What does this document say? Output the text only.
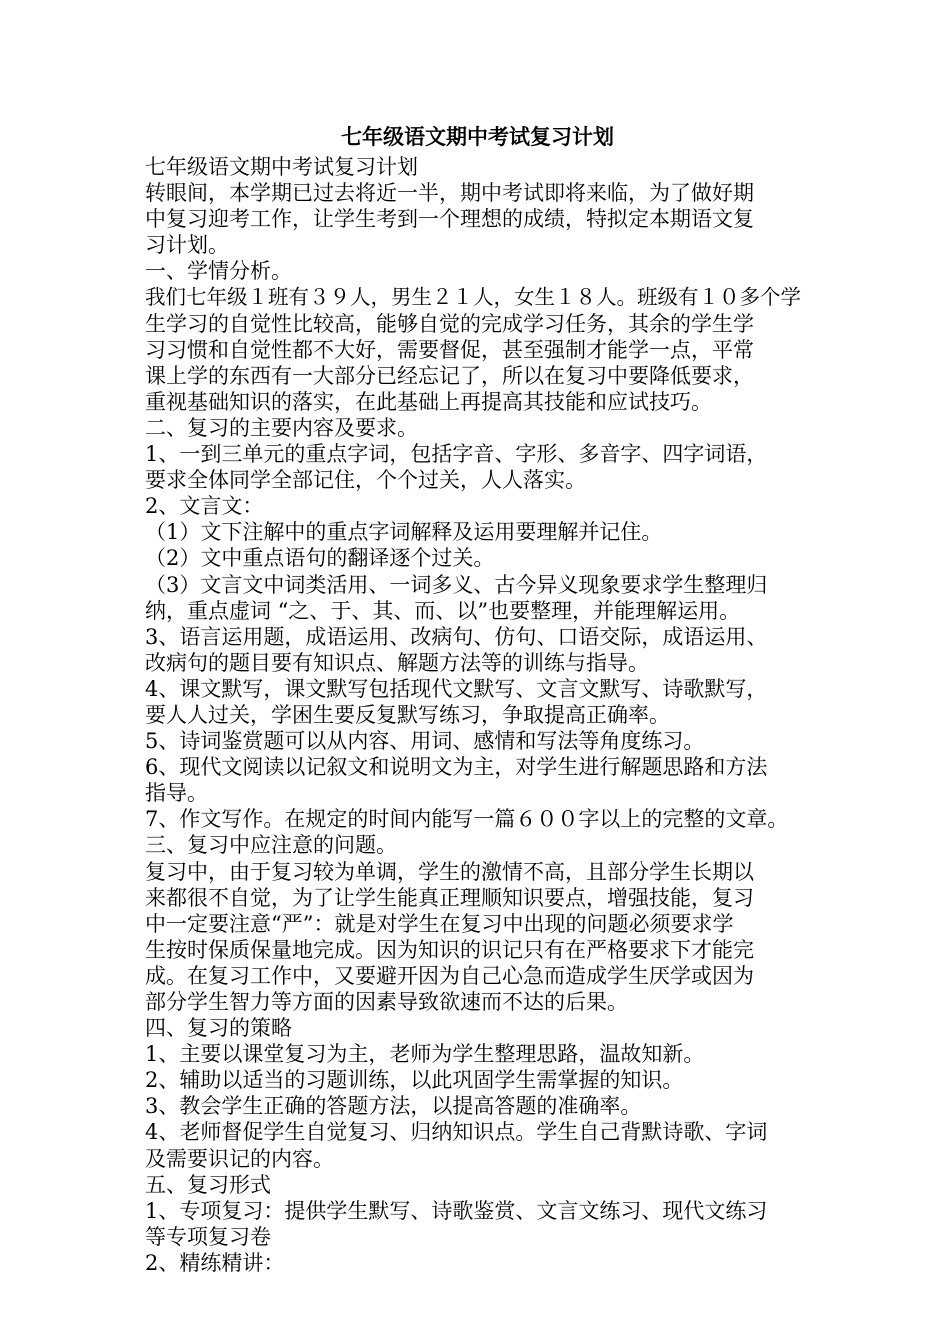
七年级语文期中考试复习计划

七年级语文期中考试复习计划

转眼间，本学期已过去将近一半，期中考试即将来临，为了做好期

中复习迎考工作，让学生考到一个理想的成绩，特拟定本期语文复

习计划。

一、学情分析。

我们七年级１班有３９人，男生２１人，女生１８人。班级有１０多个学

生学习的自觉性比较高，能够自觉的完成学习任务，其余的学生学

习习惯和自觉性都不大好，需要督促，甚至强制才能学一点，平常

课上学的东西有一大部分已经忘记了，所以在复习中要降低要求，

重视基础知识的落实，在此基础上再提高其技能和应试技巧。

二、复习的主要内容及要求。

1、一到三单元的重点字词，包括字音、字形、多音字、四字词语，

要求全体同学全部记住，个个过关，人人落实。

2、文言文：

（1）文下注解中的重点字词解释及运用要理解并记住。

（2）文中重点语句的翻译逐个过关。

（3）文言文中词类活用、一词多义、古今异义现象要求学生整理归

纳，重点虚词 “之、于、其、而、以”也要整理，并能理解运用。

3、语言运用题，成语运用、改病句、仿句、口语交际，成语运用、

改病句的题目要有知识点、解题方法等的训练与指导。

4、课文默写，课文默写包括现代文默写、文言文默写、诗歌默写，

要人人过关，学困生要反复默写练习，争取提高正确率。

5、诗词鉴赏题可以从内容、用词、感情和写法等角度练习。

6、现代文阅读以记叙文和说明文为主，对学生进行解题思路和方法

指导。

7、作文写作。在规定的时间内能写一篇６００字以上的完整的文章。

三、复习中应注意的问题。

复习中，由于复习较为单调，学生的激情不高，且部分学生长期以

来都很不自觉，为了让学生能真正理顺知识要点，增强技能，复习

中一定要注意“严”：就是对学生在复习中出现的问题必须要求学

生按时保质保量地完成。因为知识的识记只有在严格要求下才能完

成。在复习工作中，又要避开因为自己心急而造成学生厌学或因为

部分学生智力等方面的因素导致欲速而不达的后果。

四、复习的策略

1、主要以课堂复习为主，老师为学生整理思路，温故知新。

2、辅助以适当的习题训练，以此巩固学生需掌握的知识。

3、教会学生正确的答题方法，以提高答题的准确率。

4、老师督促学生自觉复习、归纳知识点。学生自己背默诗歌、字词

及需要识记的内容。

五、复习形式

1、专项复习：提供学生默写、诗歌鉴赏、文言文练习、现代文练习

等专项复习卷

2、精练精讲：
